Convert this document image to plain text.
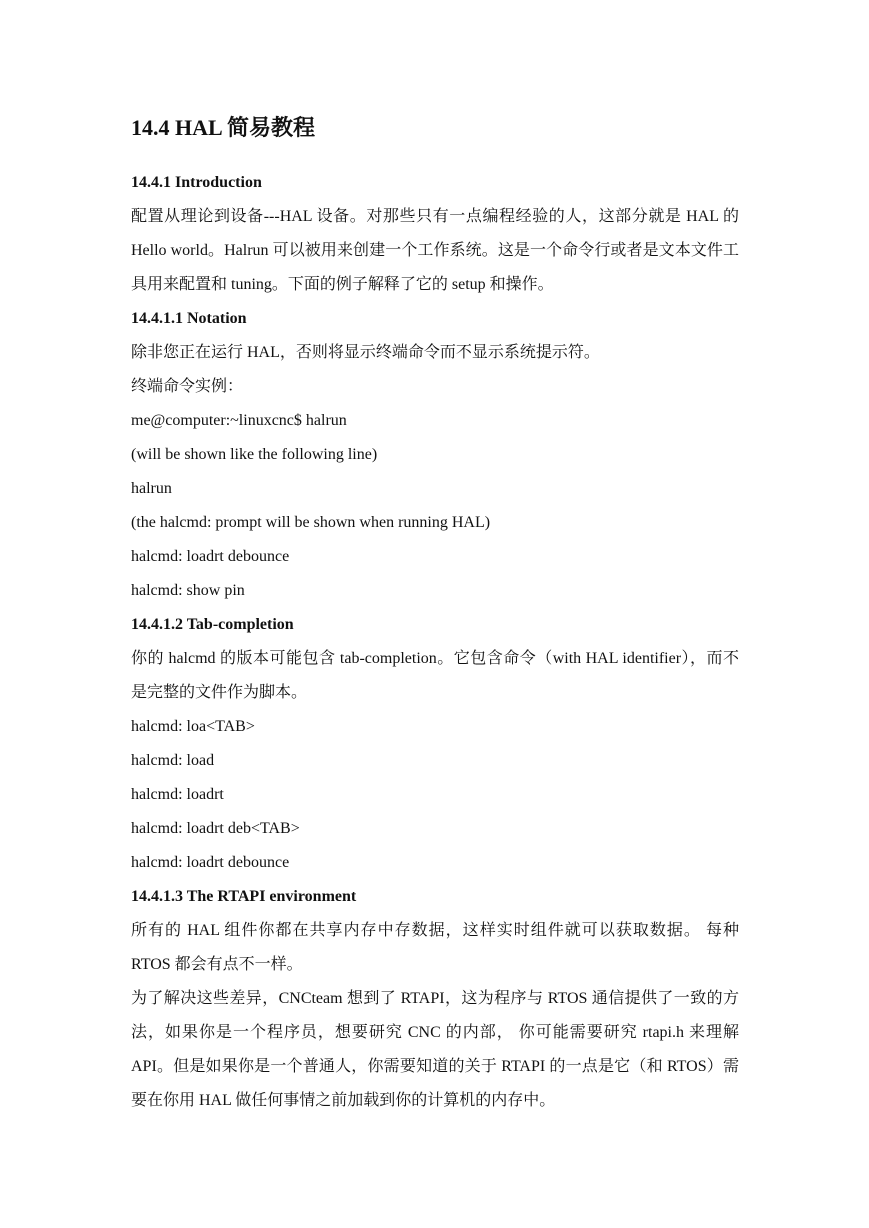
14.4 HAL 简易教程
14.4.1 Introduction

配置从理论到设备---HAL 设备。对那些只有一点编程经验的人，这部分就是 HAL 的 Hello world。Halrun 可以被用来创建一个工作系统。这是一个命令行或者是文本文件工具用来配置和 tuning。下面的例子解释了它的 setup 和操作。

14.4.1.1 Notation

除非您正在运行 HAL，否则将显示终端命令而不显示系统提示符。

终端命令实例：

me@computer:~linuxcnc$ halrun

(will be shown like the following line)

halrun

(the halcmd: prompt will be shown when running HAL)

halcmd: loadrt debounce

halcmd: show pin

14.4.1.2 Tab-completion

你的 halcmd 的版本可能包含 tab-completion。它包含命令（with HAL identifier），而不是完整的文件作为脚本。

halcmd: loa<TAB>

halcmd: load

halcmd: loadrt

halcmd: loadrt deb<TAB>

halcmd: loadrt debounce

14.4.1.3 The RTAPI environment

所有的 HAL 组件你都在共享内存中存数据，这样实时组件就可以获取数据。 每种 RTOS 都会有点不一样。

为了解决这些差异，CNCteam 想到了 RTAPI，这为程序与 RTOS 通信提供了一致的方法，如果你是一个程序员，想要研究 CNC 的内部， 你可能需要研究 rtapi.h 来理解 API。但是如果你是一个普通人，你需要知道的关于 RTAPI 的一点是它（和 RTOS）需要在你用 HAL 做任何事情之前加载到你的计算机的内存中。
